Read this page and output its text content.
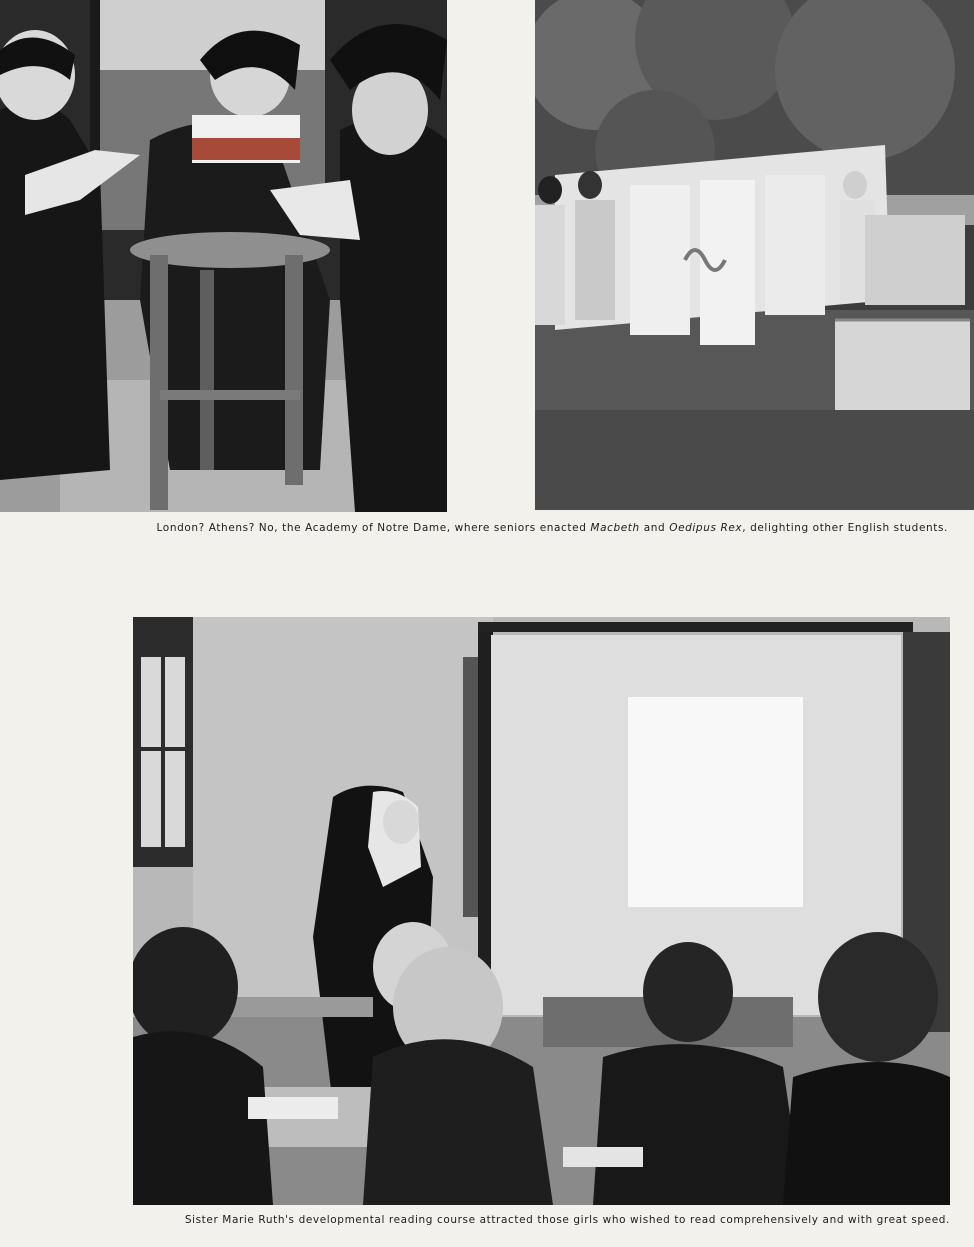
London? Athens? No, the Academy of Notre Dame, where seniors enacted Macbeth and Oedipus Rex, delighting other English students.
Sister Marie Ruth's developmental reading course attracted those girls who wished to read comprehensively and with great speed.
